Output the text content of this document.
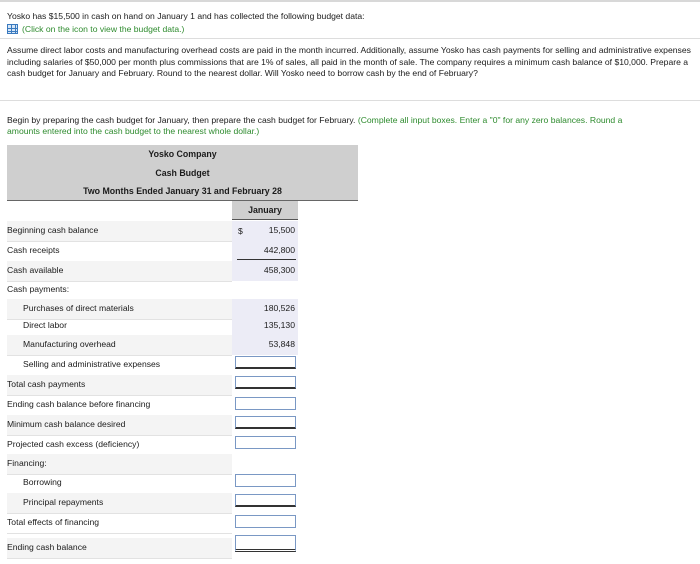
Yosko has $15,500 in cash on hand on January 1 and has collected the following budget data:
(Click on the icon to view the budget data.)
Assume direct labor costs and manufacturing overhead costs are paid in the month incurred. Additionally, assume Yosko has cash payments for selling and administrative expenses including salaries of $50,000 per month plus commissions that are 1% of sales, all paid in the month of sale. The company requires a minimum cash balance of $10,000. Prepare a cash budget for January and February. Round to the nearest dollar. Will Yosko need to borrow cash by the end of February?
Begin by preparing the cash budget for January, then prepare the cash budget for February. (Complete all input boxes. Enter a "0" for any zero balances. Round a
amounts entered into the cash budget to the nearest whole dollar.)
Yosko Company
Cash Budget
Two Months Ended January 31 and February 28
January
Beginning cash balance	15,500
$
Cash receipts	442,800
Cash available	458,300
Cash payments:
Purchases of direct materials	180,526
Direct labor	135,130
Manufacturing overhead	53,848
Selling and administrative expenses
Total cash payments
Ending cash balance before financing
Minimum cash balance desired
Projected cash excess (deficiency)
Financing:
Borrowing
Principal repayments
Total effects of financing
Ending cash balance
